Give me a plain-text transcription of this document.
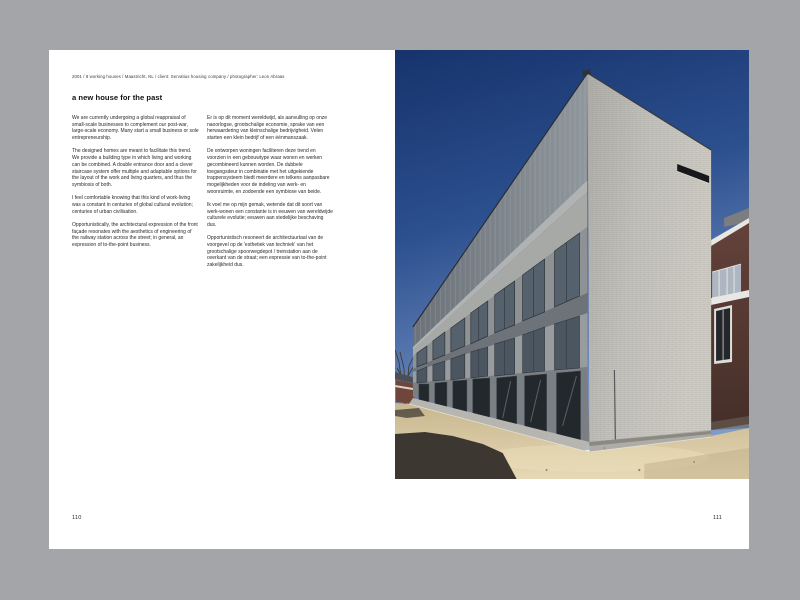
2001 / 8 working houses / Maastricht, NL / client: Servatius housing company / photographer: Leon Abraas
a new house for the past

We are currently undergoing a global reappraisal of small-scale businesses to complement our post-war, large-scale economy. Many start a small business or sole entrepreneurship.

The designed homes are meant to facilitate this trend. We provide a building type in which living and working can be combined. A double entrance door and a clever staircase system offer multiple and adaptable options for the layout of the work and living quarters, and thus the symbiosis of both.

I feel comfortable knowing that this kind of work-living was a constant in centuries of global cultural evolution; centuries of urban civilisation.

Opportunistically, the architectural expression of the front façade resonates with the aesthetics of engineering of the railway station across the street; in general, an expression of to-the-point business.

Er is op dit moment wereldwijd, als aanvulling op onze naoorlogse, grootschalige economie, sprake van een herwaardering van kleinschalige bedrijvigheid. Velen starten een klein bedrijf of een éénmanszaak.

De ontworpen woningen faciliteren deze trend en voorzien in een gebouwtype waar wonen en werken gecombineerd kunnen worden. De dubbele toegangsdeur in combinatie met het uitgekiende trappensysteem biedt meerdere en telkens aanpasbare mogelijkheden voor de indeling van werk- en woonruimte, en zodoende een symbiose van beide.

Ik voel me op mijn gemak, wetende dat dit soort van werk-wonen een constante is in eeuwen van wereldwijde culturele evolutie; eeuwen aan stedelijke beschaving dus.

Opportunistisch resoneert de architectuurtaal van de voorgevel op de 'esthetiek van techniek' van het grootschalige spoorwegdepot / treinstation aan de overkant van de straat; een expressie van to-the-point zakelijkheid dus.

110	111
